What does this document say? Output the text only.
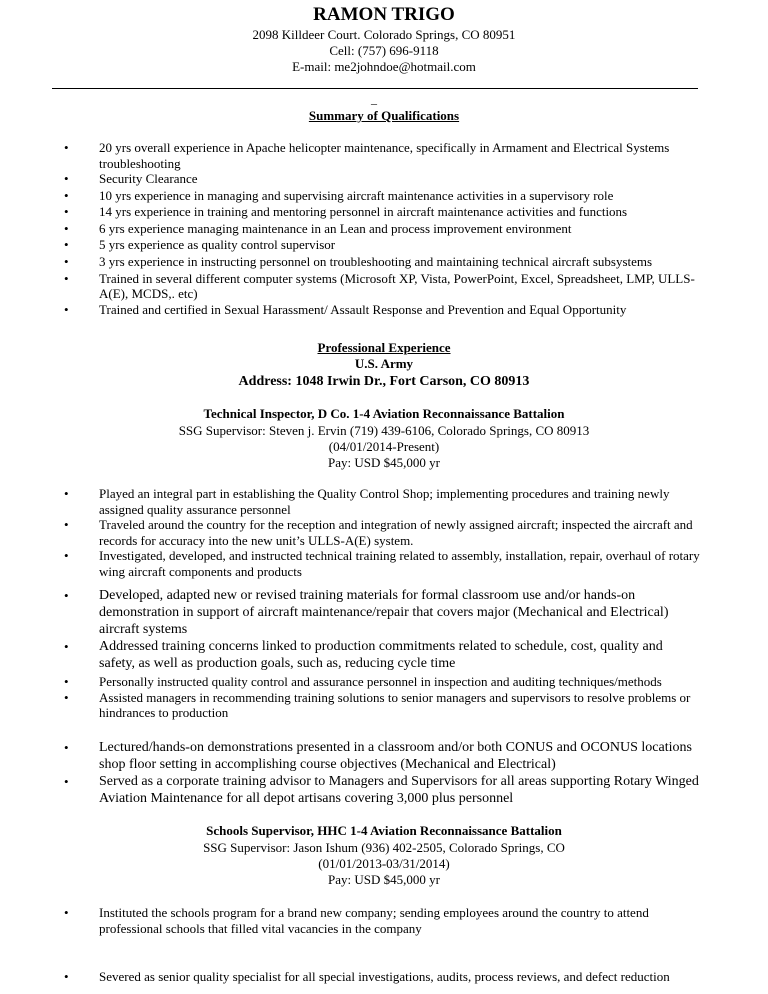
RAMON TRIGO
2098 Killdeer Court. Colorado Springs, CO 80951
Cell: (757) 696-9118
E-mail: me2johndoe@hotmail.com
_
Summary of Qualifications
• 20 yrs overall experience in Apache helicopter maintenance, specifically in Armament and Electrical Systems troubleshooting
• Security Clearance
• 10 yrs experience in managing and supervising aircraft maintenance activities in a supervisory role
• 14 yrs experience in training and mentoring personnel in aircraft maintenance activities and functions
• 6 yrs experience managing maintenance in an Lean and process improvement environment
• 5 yrs experience as quality control supervisor
• 3 yrs experience in instructing personnel on troubleshooting and maintaining technical aircraft subsystems
• Trained in several different computer systems (Microsoft XP, Vista, PowerPoint, Excel, Spreadsheet, LMP, ULLS-A(E), MCDS,. etc)
• Trained and certified in Sexual Harassment/ Assault Response and Prevention and Equal Opportunity
Professional Experience
U.S. Army
Address: 1048 Irwin Dr., Fort Carson, CO 80913
Technical Inspector, D Co. 1-4 Aviation Reconnaissance Battalion
SSG Supervisor: Steven j. Ervin (719) 439-6106, Colorado Springs, CO 80913
(04/01/2014-Present)
Pay: USD $45,000 yr
• Played an integral part in establishing the Quality Control Shop; implementing procedures and training newly assigned quality assurance personnel
• Traveled around the country for the reception and integration of newly assigned aircraft; inspected the aircraft and records for accuracy into the new unit’s ULLS-A(E) system.
• Investigated, developed, and instructed technical training related to assembly, installation, repair, overhaul of rotary wing aircraft components and products
• Developed, adapted new or revised training materials for formal classroom use and/or hands-on demonstration in support of aircraft maintenance/repair that covers major (Mechanical and Electrical) aircraft systems
• Addressed training concerns linked to production commitments related to schedule, cost, quality and safety, as well as production goals, such as, reducing cycle time
• Personally instructed quality control and assurance personnel in inspection and auditing techniques/methods
• Assisted managers in recommending training solutions to senior managers and supervisors to resolve problems or hindrances to production
• Lectured/hands-on demonstrations presented in a classroom and/or both CONUS and OCONUS locations shop floor setting in accomplishing course objectives (Mechanical and Electrical)
• Served as a corporate training advisor to Managers and Supervisors for all areas supporting Rotary Winged Aviation Maintenance for all depot artisans covering 3,000 plus personnel
Schools Supervisor, HHC 1-4 Aviation Reconnaissance Battalion
SSG Supervisor: Jason Ishum (936) 402-2505, Colorado Springs, CO
(01/01/2013-03/31/2014)
Pay: USD $45,000 yr
• Instituted the schools program for a brand new company; sending employees around the country to attend professional schools that filled vital vacancies in the company
• Severed as senior quality specialist for all special investigations, audits, process reviews, and defect reduction
